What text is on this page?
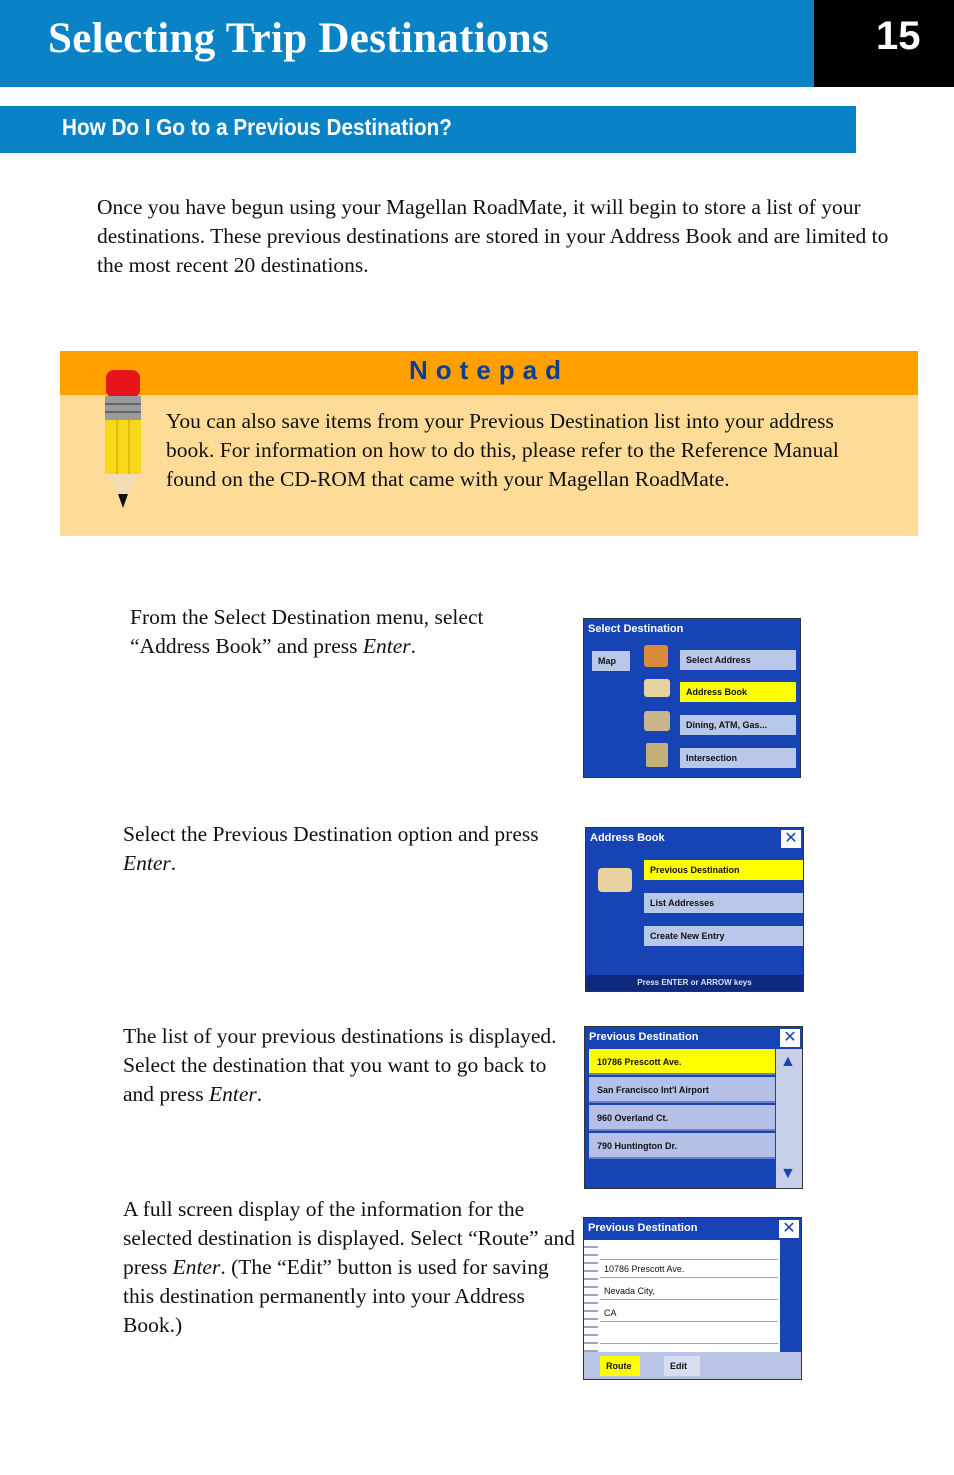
Selecting Trip Destinations	15
How Do I Go to a Previous Destination?
Once you have begun using your Magellan RoadMate, it will begin to store a list of your destinations. These previous destinations are stored in your Address Book and are limited to the most recent 20 destinations.
Notepad
You can also save items from your Previous Destination list into your address book. For information on how to do this, please refer to the Reference Manual found on the CD-ROM that came with your Magellan RoadMate.
From the Select Destination menu, select “Address Book” and press Enter.
Select the Previous Destination option and press Enter.
The list of your previous destinations is displayed. Select the destination that you want to go back to and press Enter.
A full screen display of the information for the selected destination is displayed. Select “Route” and press Enter. (The “Edit” button is used for saving this destination permanently into your Address Book.)
Select Destination
Map	Select Address
Address Book
Dining, ATM, Gas...
Intersection
Address Book	✕
Previous Destination
List Addresses
Create New Entry
Press ENTER or ARROW keys
Previous Destination	✕
▲
▼
10786 Prescott Ave.
San Francisco Int'l Airport
960 Overland Ct.
790 Huntington Dr.
Previous Destination	✕
10786 Prescott Ave.
Nevada City,
CA
Route	Edit
